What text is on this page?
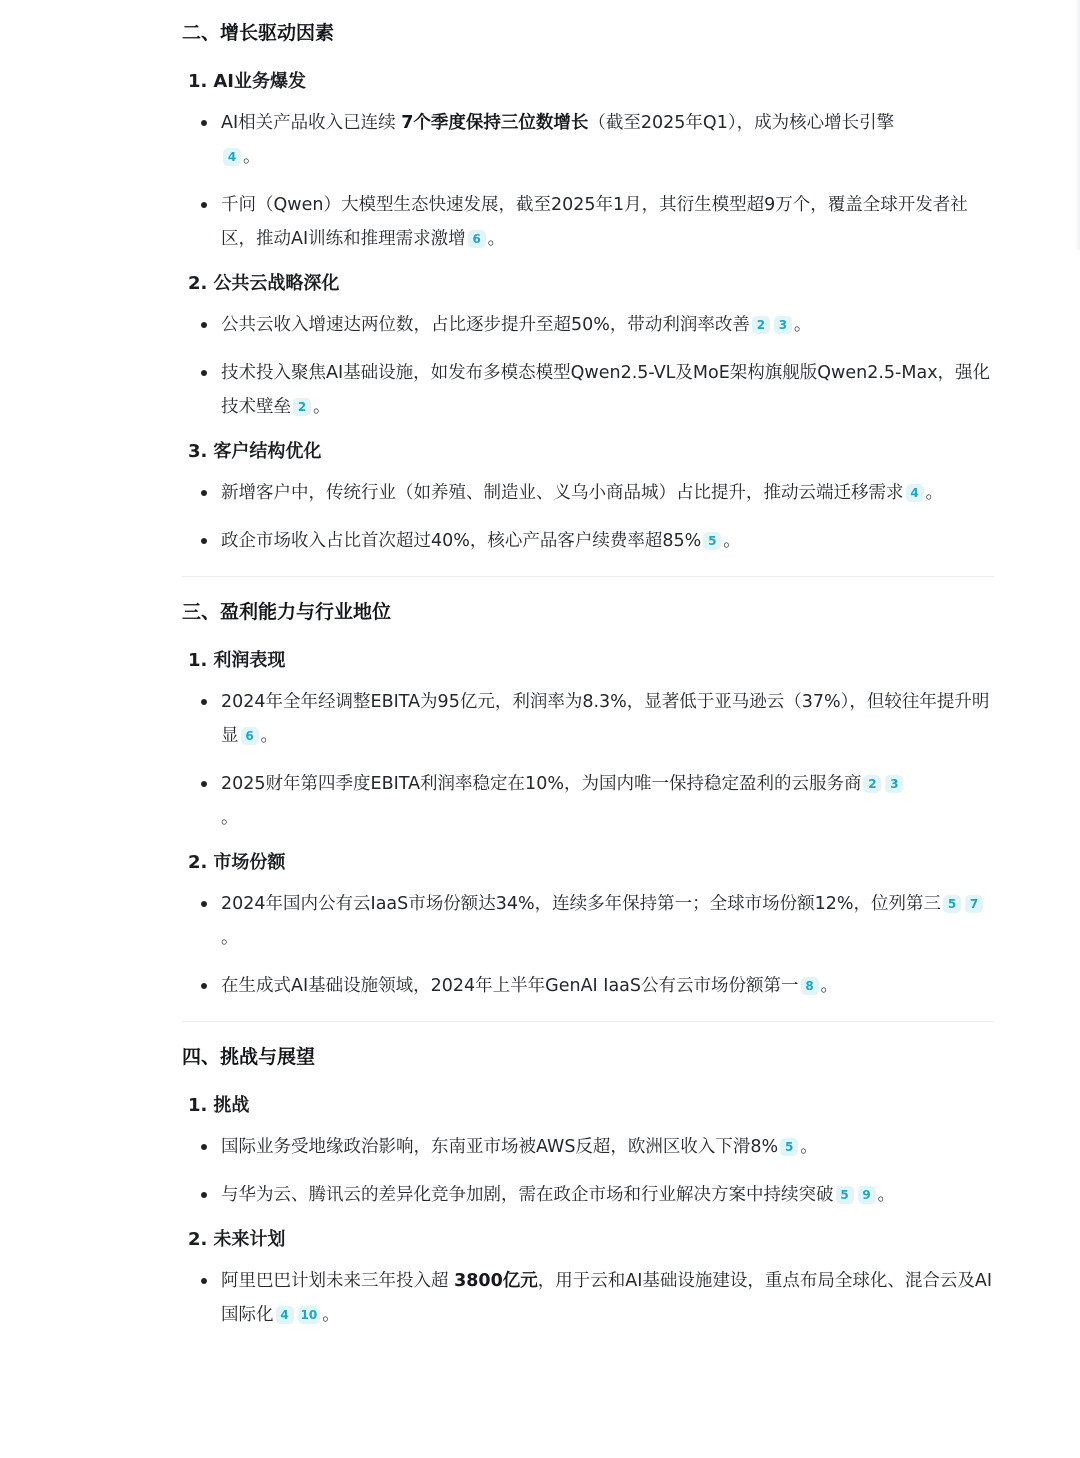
二、增长驱动因素
1. AI业务爆发
AI相关产品收入已连续 7个季度保持三位数增长（截至2025年Q1），成为核心增长引擎
4 。
千问（Qwen）大模型生态快速发展，截至2025年1月，其衍生模型超9万个，覆盖全球开发者社区，推动AI训练和推理需求激增 6 。
2. 公共云战略深化
公共云收入增速达两位数，占比逐步提升至超50%，带动利润率改善 2 3 。
技术投入聚焦AI基础设施，如发布多模态模型Qwen2.5-VL及MoE架构旗舰版Qwen2.5-Max，强化技术壁垒 2 。
3. 客户结构优化
新增客户中，传统行业（如养殖、制造业、义乌小商品城）占比提升，推动云端迁移需求 4 。
政企市场收入占比首次超过40%，核心产品客户续费率超85% 5 。
三、盈利能力与行业地位
1. 利润表现
2024年全年经调整EBITA为95亿元，利润率为8.3%，显著低于亚马逊云（37%），但较往年提升明显 6 。
2025财年第四季度EBITA利润率稳定在10%，为国内唯一保持稳定盈利的云服务商 2 3
。
2. 市场份额
2024年国内公有云IaaS市场份额达34%，连续多年保持第一；全球市场份额12%，位列第三 5 7。
在生成式AI基础设施领域，2024年上半年GenAI IaaS公有云市场份额第一 8 。
四、挑战与展望
1. 挑战
国际业务受地缘政治影响，东南亚市场被AWS反超，欧洲区收入下滑8% 5 。
与华为云、腾讯云的差异化竞争加剧，需在政企市场和行业解决方案中持续突破 5 9 。
2. 未来计划
阿里巴巴计划未来三年投入超 3800亿元，用于云和AI基础设施建设，重点布局全球化、混合云及AI国际化 4 10 。
